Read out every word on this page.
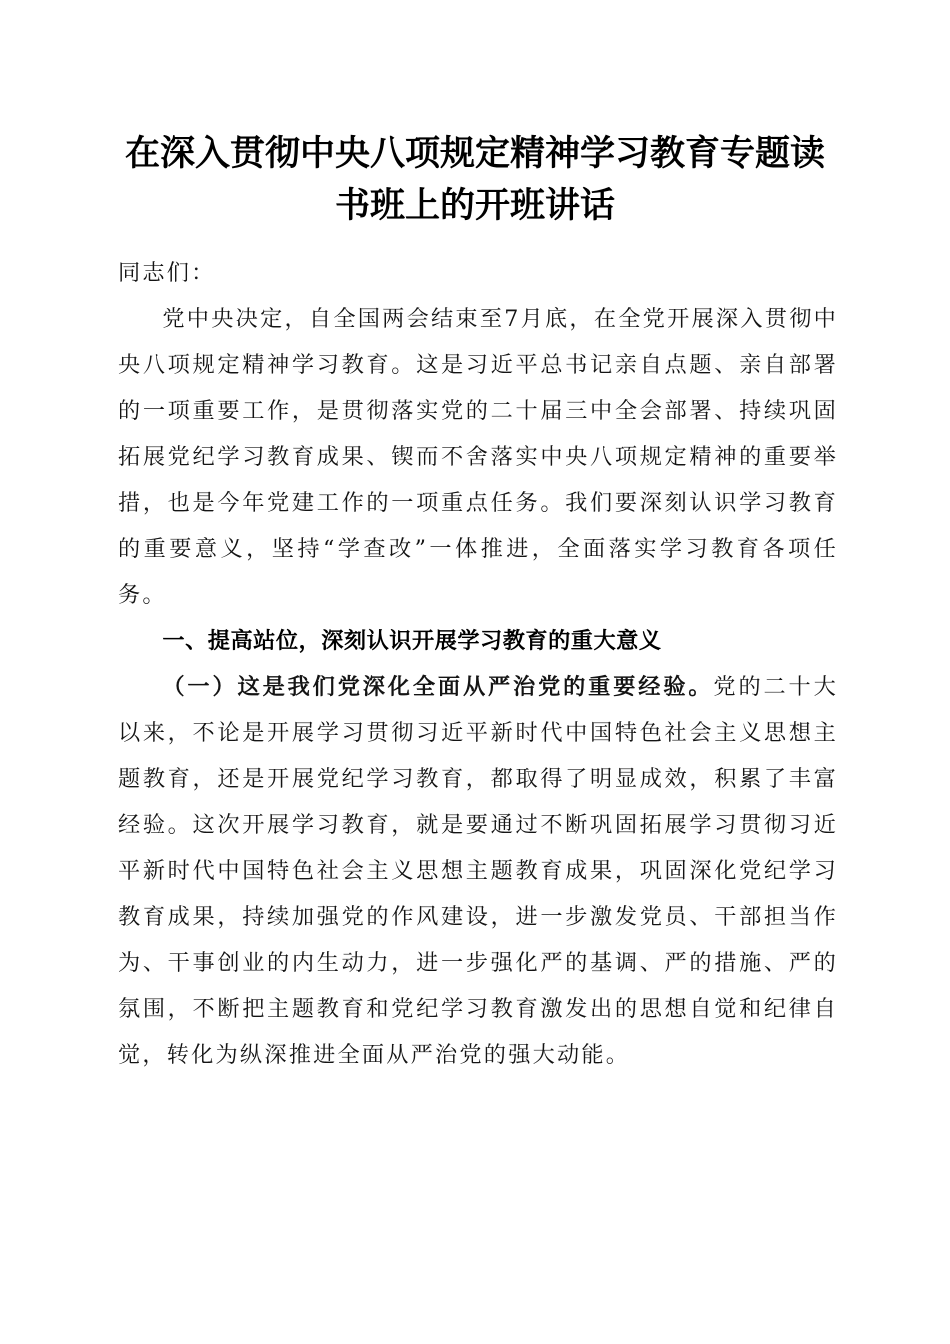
在深入贯彻中央八项规定精神学习教育专题读书班上的开班讲话

同志们：

党中央决定，自全国两会结束至7月底，在全党开展深入贯彻中央八项规定精神学习教育。这是习近平总书记亲自点题、亲自部署的一项重要工作，是贯彻落实党的二十届三中全会部署、持续巩固拓展党纪学习教育成果、锲而不舍落实中央八项规定精神的重要举措，也是今年党建工作的一项重点任务。我们要深刻认识学习教育的重要意义，坚持“学查改”一体推进，全面落实学习教育各项任务。

一、提高站位，深刻认识开展学习教育的重大意义

（一）这是我们党深化全面从严治党的重要经验。党的二十大以来，不论是开展学习贯彻习近平新时代中国特色社会主义思想主题教育，还是开展党纪学习教育，都取得了明显成效，积累了丰富经验。这次开展学习教育，就是要通过不断巩固拓展学习贯彻习近平新时代中国特色社会主义思想主题教育成果，巩固深化党纪学习教育成果，持续加强党的作风建设，进一步激发党员、干部担当作为、干事创业的内生动力，进一步强化严的基调、严的措施、严的氛围，不断把主题教育和党纪学习教育激发出的思想自觉和纪律自觉，转化为纵深推进全面从严治党的强大动能。
